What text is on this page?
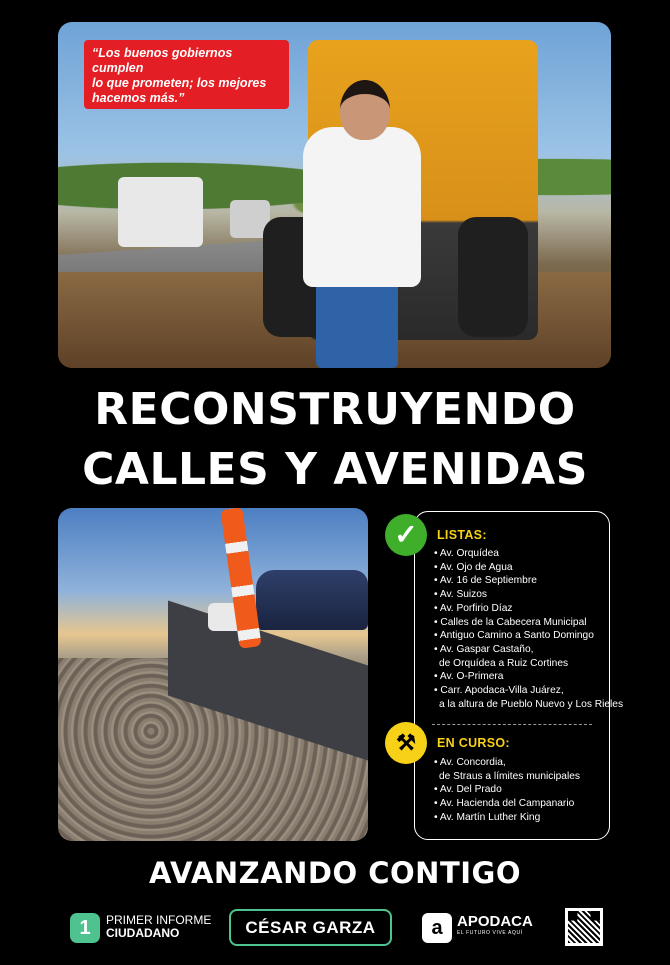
“Los buenos gobiernos cumplen
lo que prometen; los mejores
hacemos más.”
RECONSTRUYENDO
CALLES Y AVENIDAS
✓	LISTAS:
• Av. Orquídea
• Av. Ojo de Agua
• Av. 16 de Septiembre
• Av. Suizos
• Av. Porfirio Díaz
• Calles de la Cabecera Municipal
• Antiguo Camino a Santo Domingo
• Av. Gaspar Castaño,
de Orquídea a Ruiz Cortines
• Av. O-Primera
• Carr. Apodaca-Villa Juárez,
a la altura de Pueblo Nuevo y Los Rieles
⚒	EN CURSO:
• Av. Concordia,
de Straus a límites municipales
• Av. Del Prado
• Av. Hacienda del Campanario
• Av. Martín Luther King
AVANZANDO CONTIGO
1	PRIMER INFORME
CIUDADANO	CÉSAR GARZA	a APODACA
EL FUTURO VIVE AQUÍ
